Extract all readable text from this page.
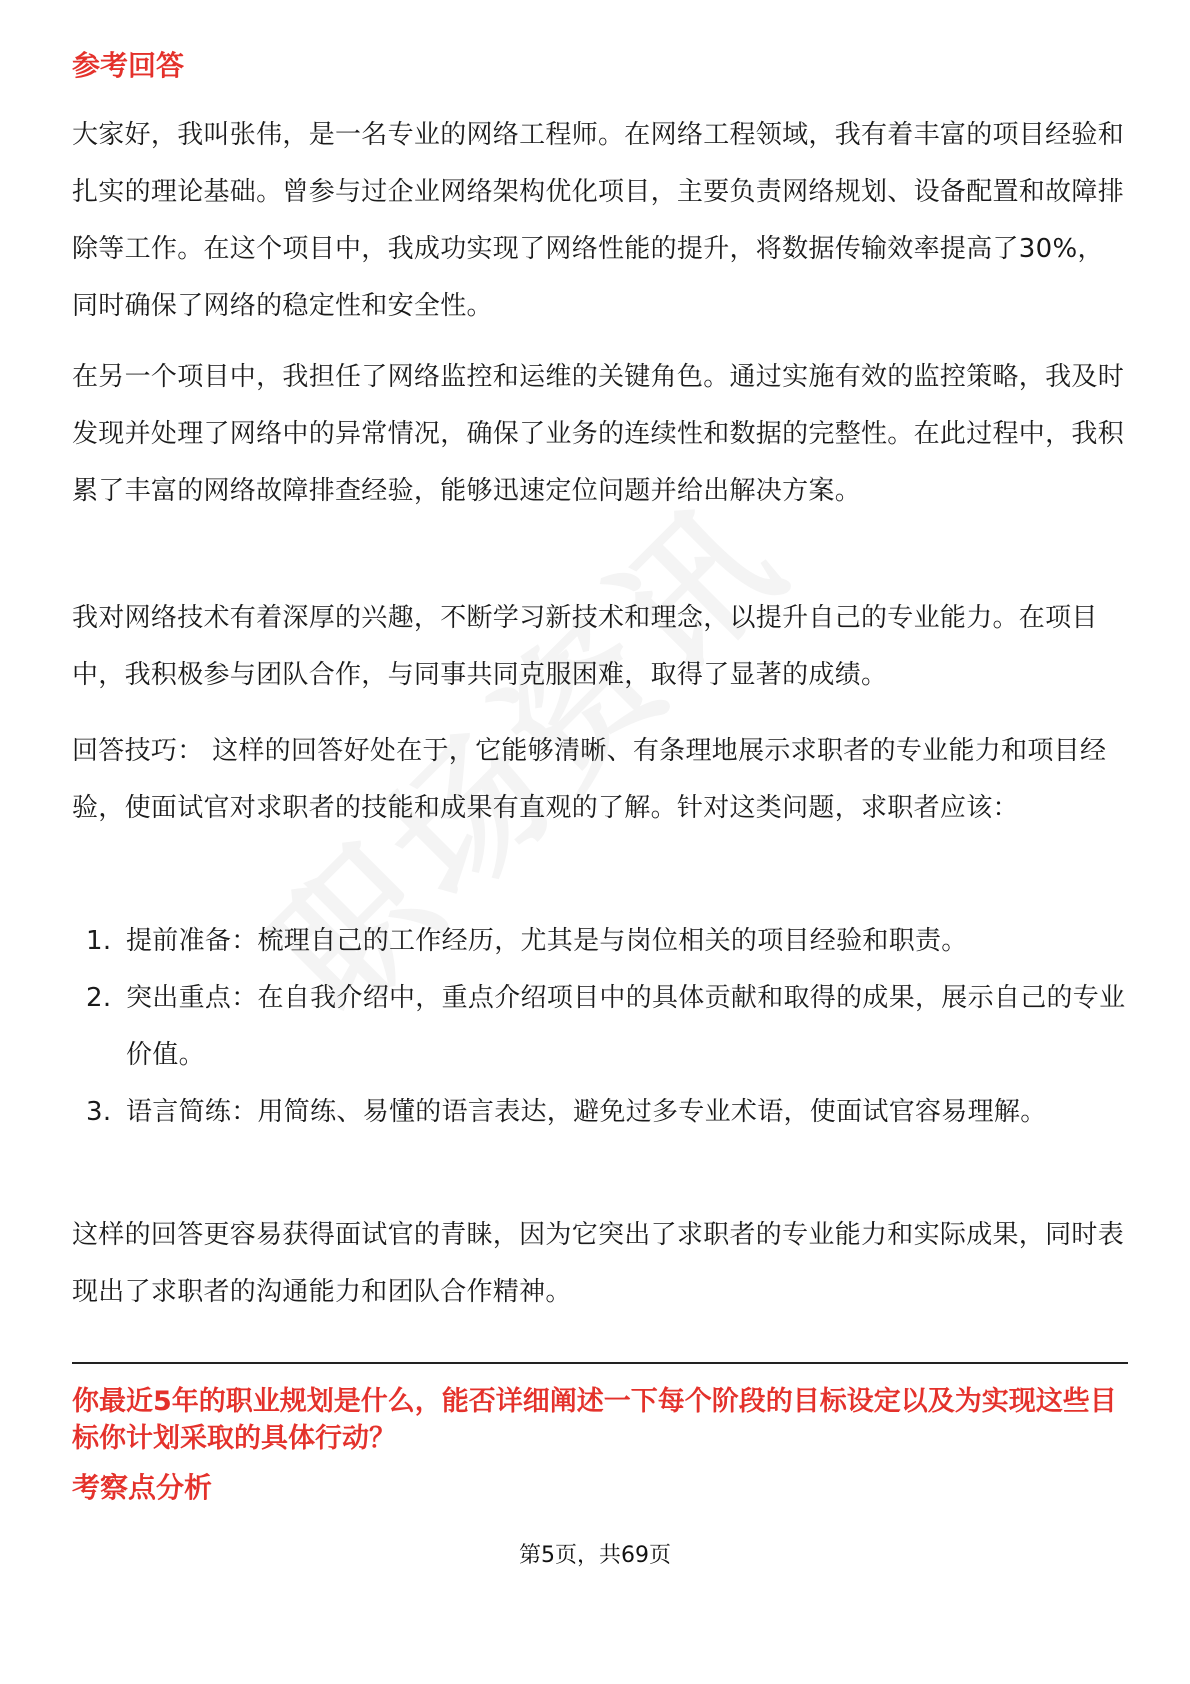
参考回答

大家好，我叫张伟，是一名专业的网络工程师。在网络工程领域，我有着丰富的项目经验和扎实的理论基础。曾参与过企业网络架构优化项目，主要负责网络规划、设备配置和故障排除等工作。在这个项目中，我成功实现了网络性能的提升，将数据传输效率提高了30%，同时确保了网络的稳定性和安全性。

在另一个项目中，我担任了网络监控和运维的关键角色。通过实施有效的监控策略，我及时发现并处理了网络中的异常情况，确保了业务的连续性和数据的完整性。在此过程中，我积累了丰富的网络故障排查经验，能够迅速定位问题并给出解决方案。

我对网络技术有着深厚的兴趣，不断学习新技术和理念，以提升自己的专业能力。在项目中，我积极参与团队合作，与同事共同克服困难，取得了显著的成绩。

回答技巧： 这样的回答好处在于，它能够清晰、有条理地展示求职者的专业能力和项目经验，使面试官对求职者的技能和成果有直观的了解。针对这类问题，求职者应该：

1. 提前准备：梳理自己的工作经历，尤其是与岗位相关的项目经验和职责。
2. 突出重点：在自我介绍中，重点介绍项目中的具体贡献和取得的成果，展示自己的专业价值。
3. 语言简练：用简练、易懂的语言表达，避免过多专业术语，使面试官容易理解。

这样的回答更容易获得面试官的青睐，因为它突出了求职者的专业能力和实际成果，同时表现出了求职者的沟通能力和团队合作精神。

你最近5年的职业规划是什么，能否详细阐述一下每个阶段的目标设定以及为实现这些目标你计划采取的具体行动？

考察点分析
第5页，共69页
